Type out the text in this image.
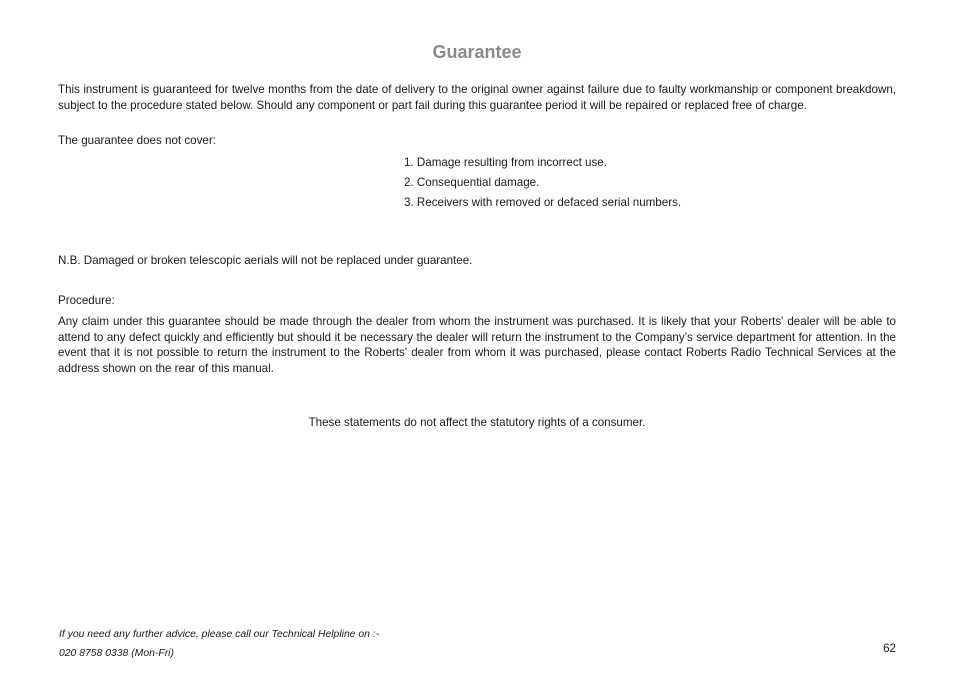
Guarantee

This instrument is guaranteed for twelve months from the date of delivery to the original owner against failure due to faulty workmanship or component breakdown, subject to the procedure stated below. Should any component or part fail during this guarantee period it will be repaired or replaced free of charge.

The guarantee does not cover:

1. Damage resulting from incorrect use.
2. Consequential damage.
3. Receivers with removed or defaced serial numbers.

N.B. Damaged or broken telescopic aerials will not be replaced under guarantee.

Procedure:

Any claim under this guarantee should be made through the dealer from whom the instrument was purchased. It is likely that your Roberts' dealer will be able to attend to any defect quickly and efficiently but should it be necessary the dealer will return the instrument to the Company’s service department for attention. In the event that it is not possible to return the instrument to the Roberts' dealer from whom it was purchased, please contact Roberts Radio Technical Services at the address shown on the rear of this manual.

These statements do not affect the statutory rights of a consumer.

If you need any further advice, please call our Technical Helpline on :-
020 8758 0338 (Mon-Fri)	62
